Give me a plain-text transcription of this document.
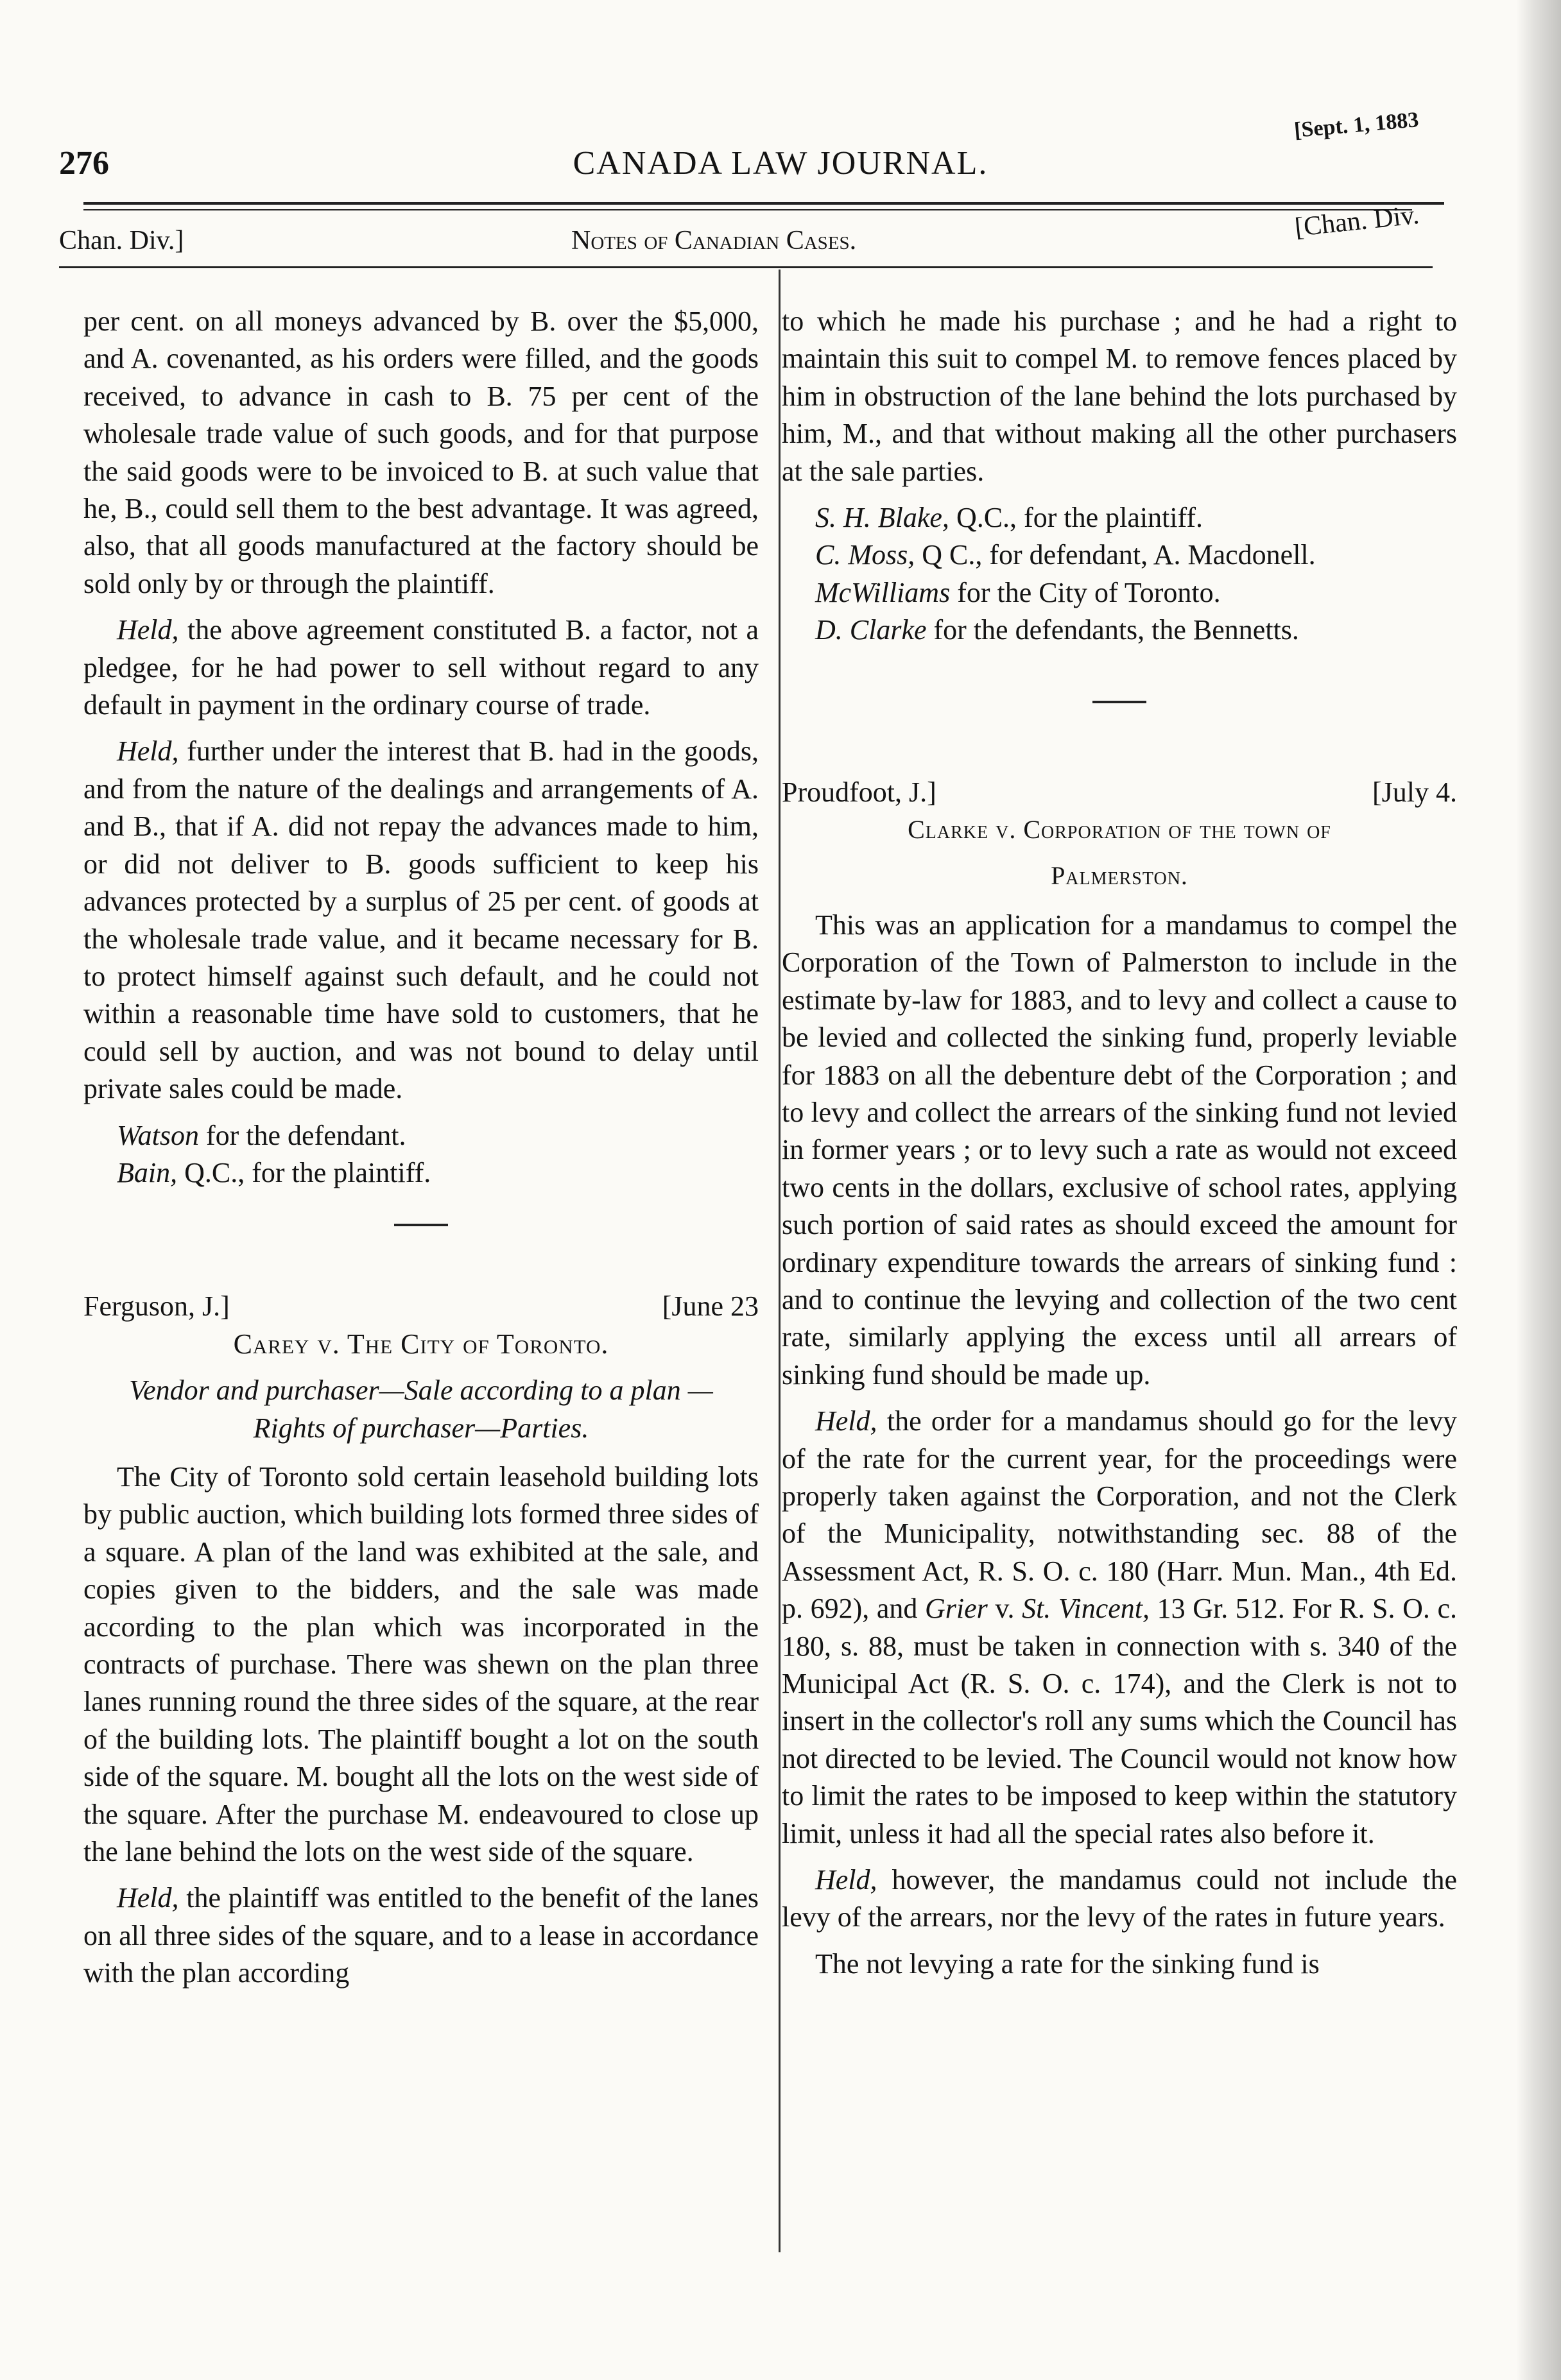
276	CANADA LAW JOURNAL.
[Sept. 1, 1883
Chan. Div.]	Notes of Canadian Cases.	[Chan. Div.

per cent. on all moneys advanced by B. over the $5,000, and A. covenanted, as his orders were filled, and the goods received, to advance in cash to B. 75 per cent of the wholesale trade value of such goods, and for that purpose the said goods were to be invoiced to B. at such value that he, B., could sell them to the best advantage. It was agreed, also, that all goods manufactured at the factory should be sold only by or through the plaintiff.

Held, the above agreement constituted B. a factor, not a pledgee, for he had power to sell without regard to any default in payment in the ordinary course of trade.

Held, further under the interest that B. had in the goods, and from the nature of the dealings and arrangements of A. and B., that if A. did not repay the advances made to him, or did not deliver to B. goods sufficient to keep his advances protected by a surplus of 25 per cent. of goods at the wholesale trade value, and it became necessary for B. to protect himself against such default, and he could not within a reasonable time have sold to customers, that he could sell by auction, and was not bound to delay until private sales could be made.

Watson for the defendant.

Bain, Q.C., for the plaintiff.

Ferguson, J.]	[June 23

Carey v. The City of Toronto.

Vendor and purchaser—Sale according to a plan —Rights of purchaser—Parties.

The City of Toronto sold certain leasehold building lots by public auction, which building lots formed three sides of a square. A plan of the land was exhibited at the sale, and copies given to the bidders, and the sale was made according to the plan which was incorporated in the contracts of purchase. There was shewn on the plan three lanes running round the three sides of the square, at the rear of the building lots. The plaintiff bought a lot on the south side of the square. M. bought all the lots on the west side of the square. After the purchase M. endeavoured to close up the lane behind the lots on the west side of the square.

Held, the plaintiff was entitled to the benefit of the lanes on all three sides of the square, and to a lease in accordance with the plan according

to which he made his purchase ; and he had a right to maintain this suit to compel M. to remove fences placed by him in obstruction of the lane behind the lots purchased by him, M., and that without making all the other purchasers at the sale parties.

S. H. Blake, Q.C., for the plaintiff.

C. Moss, Q C., for defendant, A. Macdonell.

McWilliams for the City of Toronto.

D. Clarke for the defendants, the Bennetts.

Proudfoot, J.]	[July 4.

Clarke v. Corporation of the town of

Palmerston.

This was an application for a mandamus to compel the Corporation of the Town of Palmerston to include in the estimate by-law for 1883, and to levy and collect a cause to be levied and collected the sinking fund, properly leviable for 1883 on all the debenture debt of the Corporation ; and to levy and collect the arrears of the sinking fund not levied in former years ; or to levy such a rate as would not exceed two cents in the dollars, exclusive of school rates, applying such portion of said rates as should exceed the amount for ordinary expenditure towards the arrears of sinking fund : and to continue the levying and collection of the two cent rate, similarly applying the excess until all arrears of sinking fund should be made up.

Held, the order for a mandamus should go for the levy of the rate for the current year, for the proceedings were properly taken against the Corporation, and not the Clerk of the Municipality, notwithstanding sec. 88 of the Assessment Act, R. S. O. c. 180 (Harr. Mun. Man., 4th Ed. p. 692), and Grier v. St. Vincent, 13 Gr. 512. For R. S. O. c. 180, s. 88, must be taken in connection with s. 340 of the Municipal Act (R. S. O. c. 174), and the Clerk is not to insert in the collector's roll any sums which the Council has not directed to be levied. The Council would not know how to limit the rates to be imposed to keep within the statutory limit, unless it had all the special rates also before it.

Held, however, the mandamus could not include the levy of the arrears, nor the levy of the rates in future years.

The not levying a rate for the sinking fund is
